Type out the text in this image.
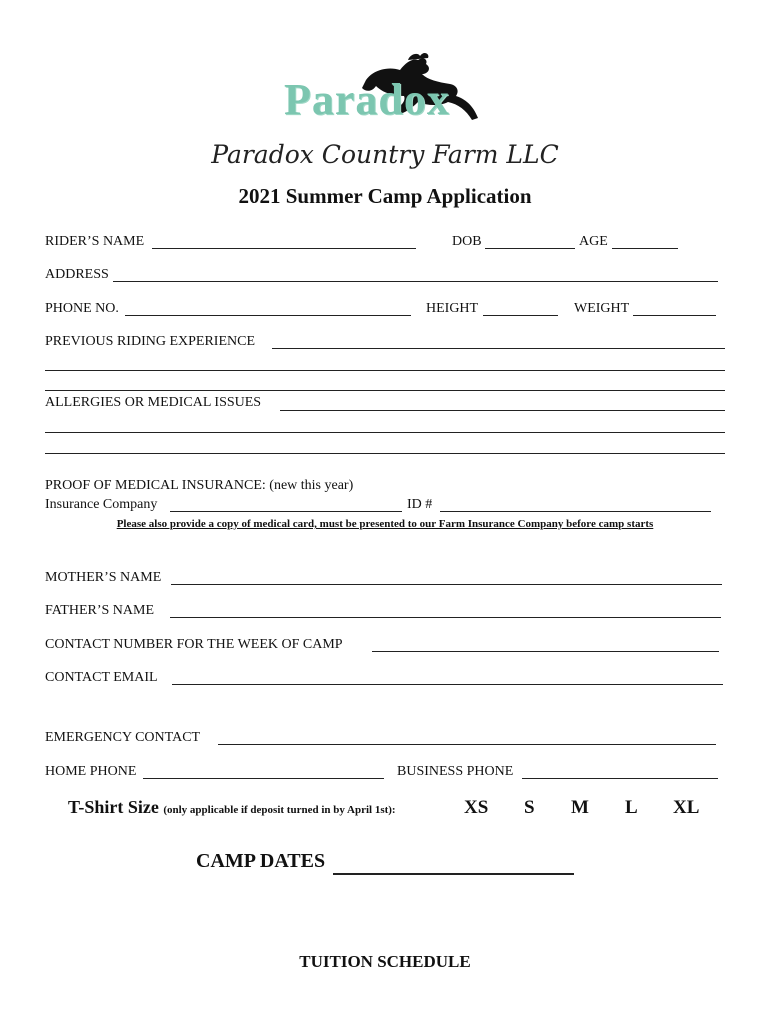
Paradox
Paradox Country Farm LLC
2021 Summer Camp Application
RIDER’S NAME	DOB	AGE
ADDRESS
PHONE NO.	HEIGHT	WEIGHT
PREVIOUS RIDING EXPERIENCE
ALLERGIES OR MEDICAL ISSUES
PROOF OF MEDICAL INSURANCE: (new this year)
Insurance Company	ID #
Please also provide a copy of medical card, must be presented to our Farm Insurance Company before camp starts
MOTHER’S NAME
FATHER’S NAME
CONTACT NUMBER FOR THE WEEK OF CAMP
CONTACT EMAIL
EMERGENCY CONTACT
HOME PHONE	BUSINESS PHONE
T-Shirt Size (only applicable if deposit turned in by April 1st):	XS S M L XL
CAMP DATES
TUITION SCHEDULE
